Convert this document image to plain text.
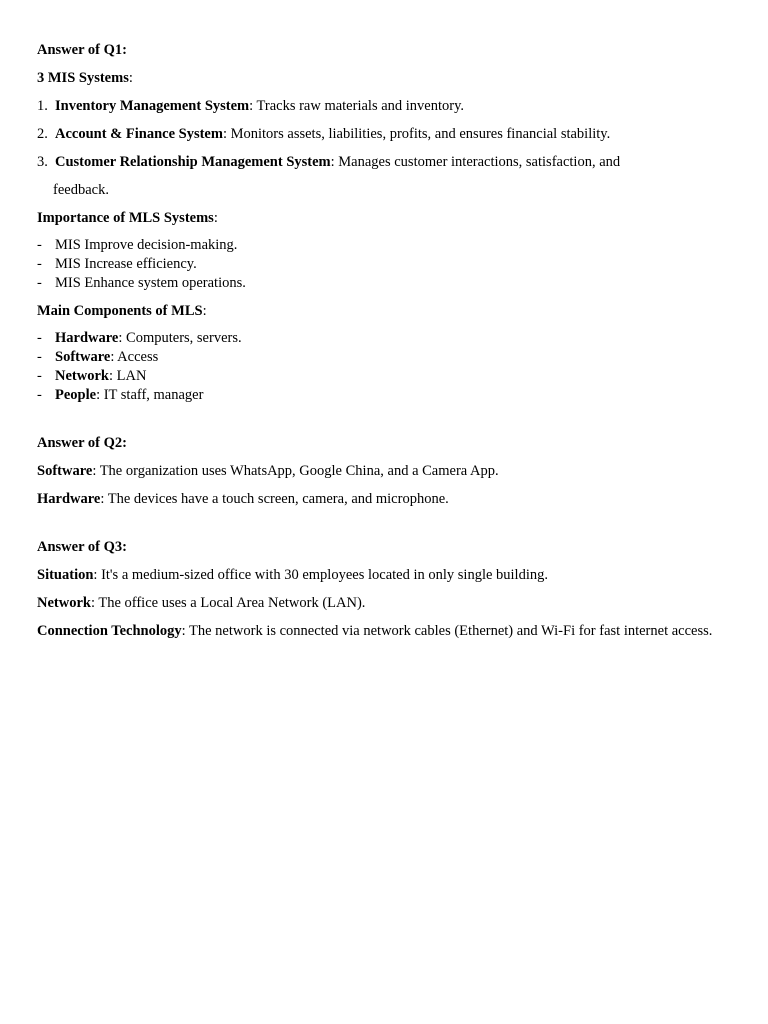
Answer of Q1:
3 MIS Systems:
1. Inventory Management System: Tracks raw materials and inventory.
2. Account & Finance System: Monitors assets, liabilities, profits, and ensures financial stability.
3. Customer Relationship Management System: Manages customer interactions, satisfaction, and
feedback.
Importance of MLS Systems:
- MIS Improve decision-making.
- MIS Increase efficiency.
- MIS Enhance system operations.
Main Components of MLS:
- Hardware: Computers, servers.
- Software: Access
- Network: LAN
- People: IT staff, manager
Answer of Q2:
Software: The organization uses WhatsApp, Google China, and a Camera App.
Hardware: The devices have a touch screen, camera, and microphone.
Answer of Q3:
Situation: It's a medium-sized office with 30 employees located in only single building.
Network: The office uses a Local Area Network (LAN).
Connection Technology: The network is connected via network cables (Ethernet) and Wi-Fi for fast internet access.
